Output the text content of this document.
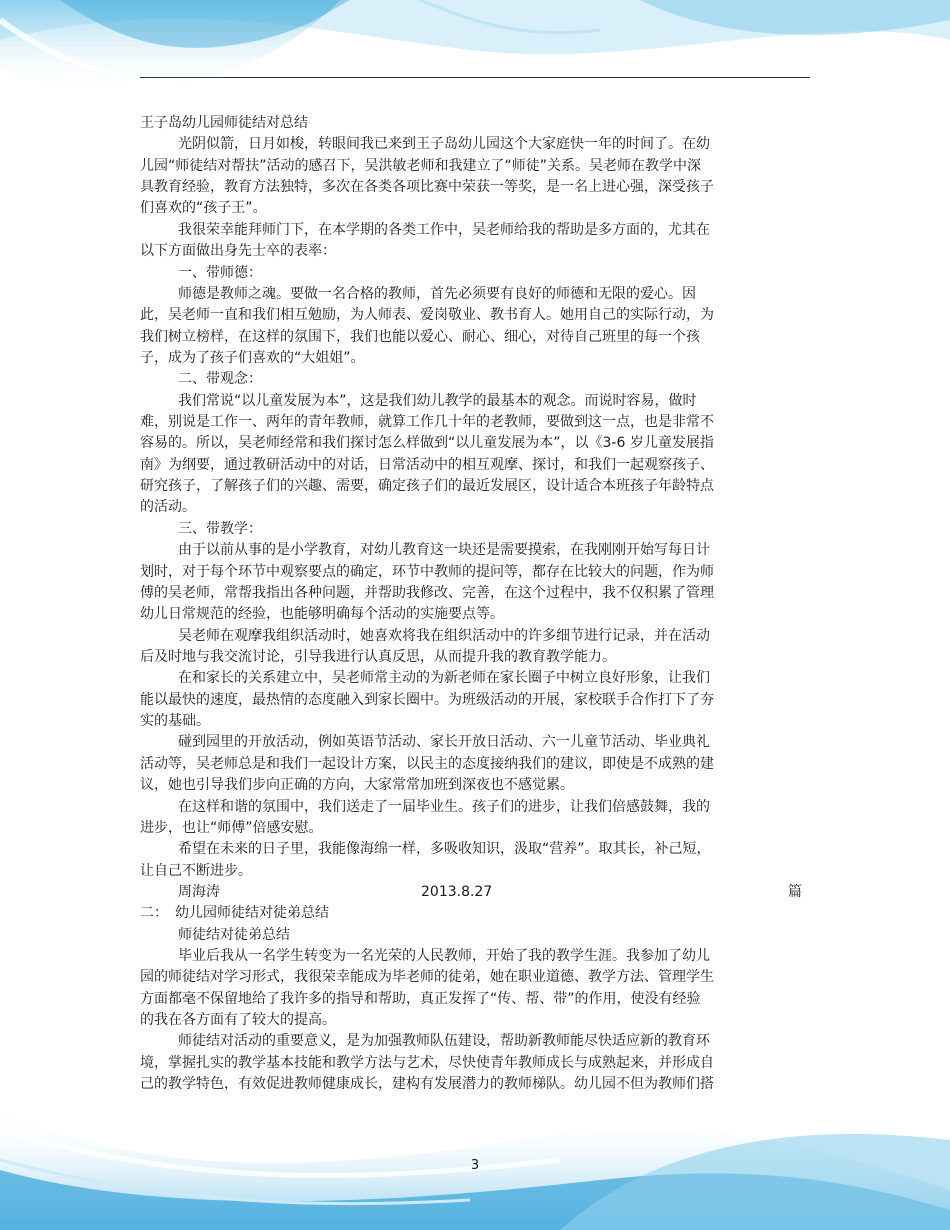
王子岛幼儿园师徒结对总结
光阴似箭，日月如梭，转眼间我已来到王子岛幼儿园这个大家庭快一年的时间了。在幼
儿园“师徒结对帮扶”活动的感召下，吴洪敏老师和我建立了“师徒”关系。吴老师在教学中深
具教育经验，教育方法独特，多次在各类各项比赛中荣获一等奖，是一名上进心强，深受孩子
们喜欢的“孩子王”。
我很荣幸能拜师门下，在本学期的各类工作中，吴老师给我的帮助是多方面的，尤其在
以下方面做出身先士卒的表率：
一、带师德：
师德是教师之魂。要做一名合格的教师，首先必须要有良好的师德和无限的爱心。因
此，吴老师一直和我们相互勉励，为人师表、爱岗敬业、教书育人。她用自己的实际行动，为
我们树立榜样，在这样的氛围下，我们也能以爱心、耐心、细心，对待自己班里的每一个孩
子，成为了孩子们喜欢的“大姐姐”。
二、带观念：
我们常说“以儿童发展为本”，这是我们幼儿教学的最基本的观念。而说时容易，做时
难，别说是工作一、两年的青年教师，就算工作几十年的老教师，要做到这一点，也是非常不
容易的。所以，吴老师经常和我们探讨怎么样做到“以儿童发展为本”，以《3-6 岁儿童发展指
南》为纲要，通过教研活动中的对话，日常活动中的相互观摩、探讨，和我们一起观察孩子、
研究孩子，了解孩子们的兴趣、需要，确定孩子们的最近发展区，设计适合本班孩子年龄特点
的活动。
三、带教学：
由于以前从事的是小学教育，对幼儿教育这一块还是需要摸索，在我刚刚开始写每日计
划时，对于每个环节中观察要点的确定，环节中教师的提问等，都存在比较大的问题，作为师
傅的吴老师，常帮我指出各种问题，并帮助我修改、完善，在这个过程中，我不仅积累了管理
幼儿日常规范的经验，也能够明确每个活动的实施要点等。
吴老师在观摩我组织活动时，她喜欢将我在组织活动中的许多细节进行记录，并在活动
后及时地与我交流讨论，引导我进行认真反思，从而提升我的教育教学能力。
在和家长的关系建立中，吴老师常主动的为新老师在家长圈子中树立良好形象，让我们
能以最快的速度，最热情的态度融入到家长圈中。为班级活动的开展，家校联手合作打下了夯
实的基础。
碰到园里的开放活动，例如英语节活动、家长开放日活动、六一儿童节活动、毕业典礼
活动等，吴老师总是和我们一起设计方案，以民主的态度接纳我们的建议，即使是不成熟的建
议，她也引导我们步向正确的方向，大家常常加班到深夜也不感觉累。
在这样和谐的氛围中，我们送走了一届毕业生。孩子们的进步，让我们倍感鼓舞，我的
进步，也让“师傅”倍感安慰。
希望在未来的日子里，我能像海绵一样，多吸收知识，汲取“营养”。取其长，补己短，
让自己不断进步。
周海涛	2013.8.27	篇
二：　幼儿园师徒结对徒弟总结
师徒结对徒弟总结
毕业后我从一名学生转变为一名光荣的人民教师，开始了我的教学生涯。我参加了幼儿
园的师徒结对学习形式，我很荣幸能成为毕老师的徒弟，她在职业道德、教学方法、管理学生
方面都毫不保留地给了我许多的指导和帮助，真正发挥了“传、帮、带”的作用，使没有经验
的我在各方面有了较大的提高。
师徒结对活动的重要意义，是为加强教师队伍建设，帮助新教师能尽快适应新的教育环
境，掌握扎实的教学基本技能和教学方法与艺术，尽快使青年教师成长与成熟起来，并形成自
己的教学特色，有效促进教师健康成长，建构有发展潜力的教师梯队。幼儿园不但为教师们搭
3
